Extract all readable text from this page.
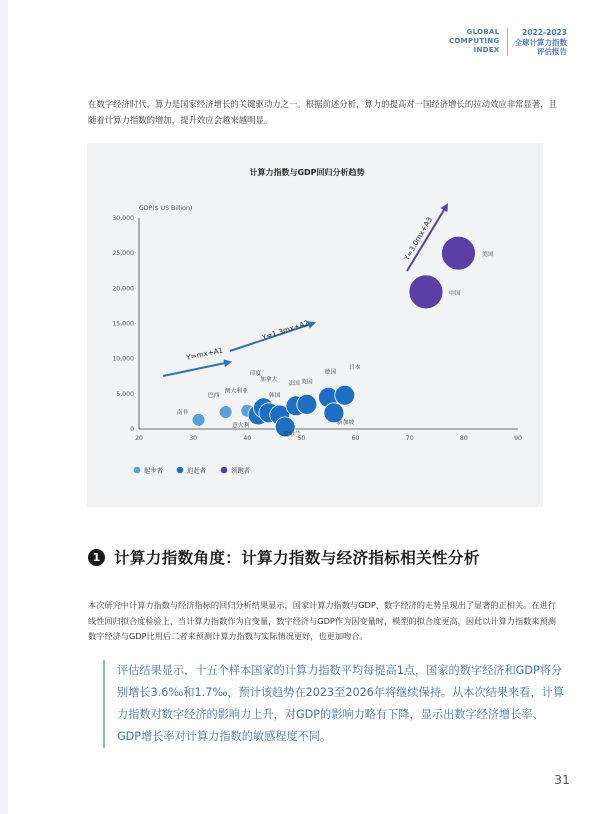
GLOBAL
COMPUTING
INDEX
2022-2023
全球计算力指数
评估报告

在数字经济时代，算力是国家经济增长的关键驱动力之一。根据前述分析，算力的提高对一国经济增长的拉动效应非常显著，且随着计算力指数的增加，提升效应会越来越明显。

计算力指数与GDP回归分析趋势
GDP($ US Billion)
0
5,000
10,000
15,000
20,000
25,000
30,000
20	30	40	50	60	70	80	90
Y=mx+A1
Y=1.3mx+A2
Y=3.0mx+A3
南非
巴西
澳大利亚
意大利
印度
加拿大
韩国
爱尔兰
法国 英国
德国
新加坡
日本
中国
美国
起步者	追赶者	领跑者
1 计算力指数角度：计算力指数与经济指标相关性分析

本次研究中计算力指数与经济指标的回归分析结果显示，国家计算力指数与GDP、数字经济的走势呈现出了显著的正相关。在进行线性回归拟合度检验上，当计算力指数作为自变量，数字经济与GDP作为因变量时，模型的拟合度更高，因此以计算力指数来预测数字经济与GDP比用后二者来预测计算力指数与实际情况更好，也更加吻合。

评估结果显示，十五个样本国家的计算力指数平均每提高1点，国家的数字经济和GDP将分别增长3.6‰和1.7‰，预计该趋势在2023至2026年将继续保持。从本次结果来看，计算力指数对数字经济的影响力上升，对GDP的影响力略有下降，显示出数字经济增长率、GDP增长率对计算力指数的敏感程度不同。

31
